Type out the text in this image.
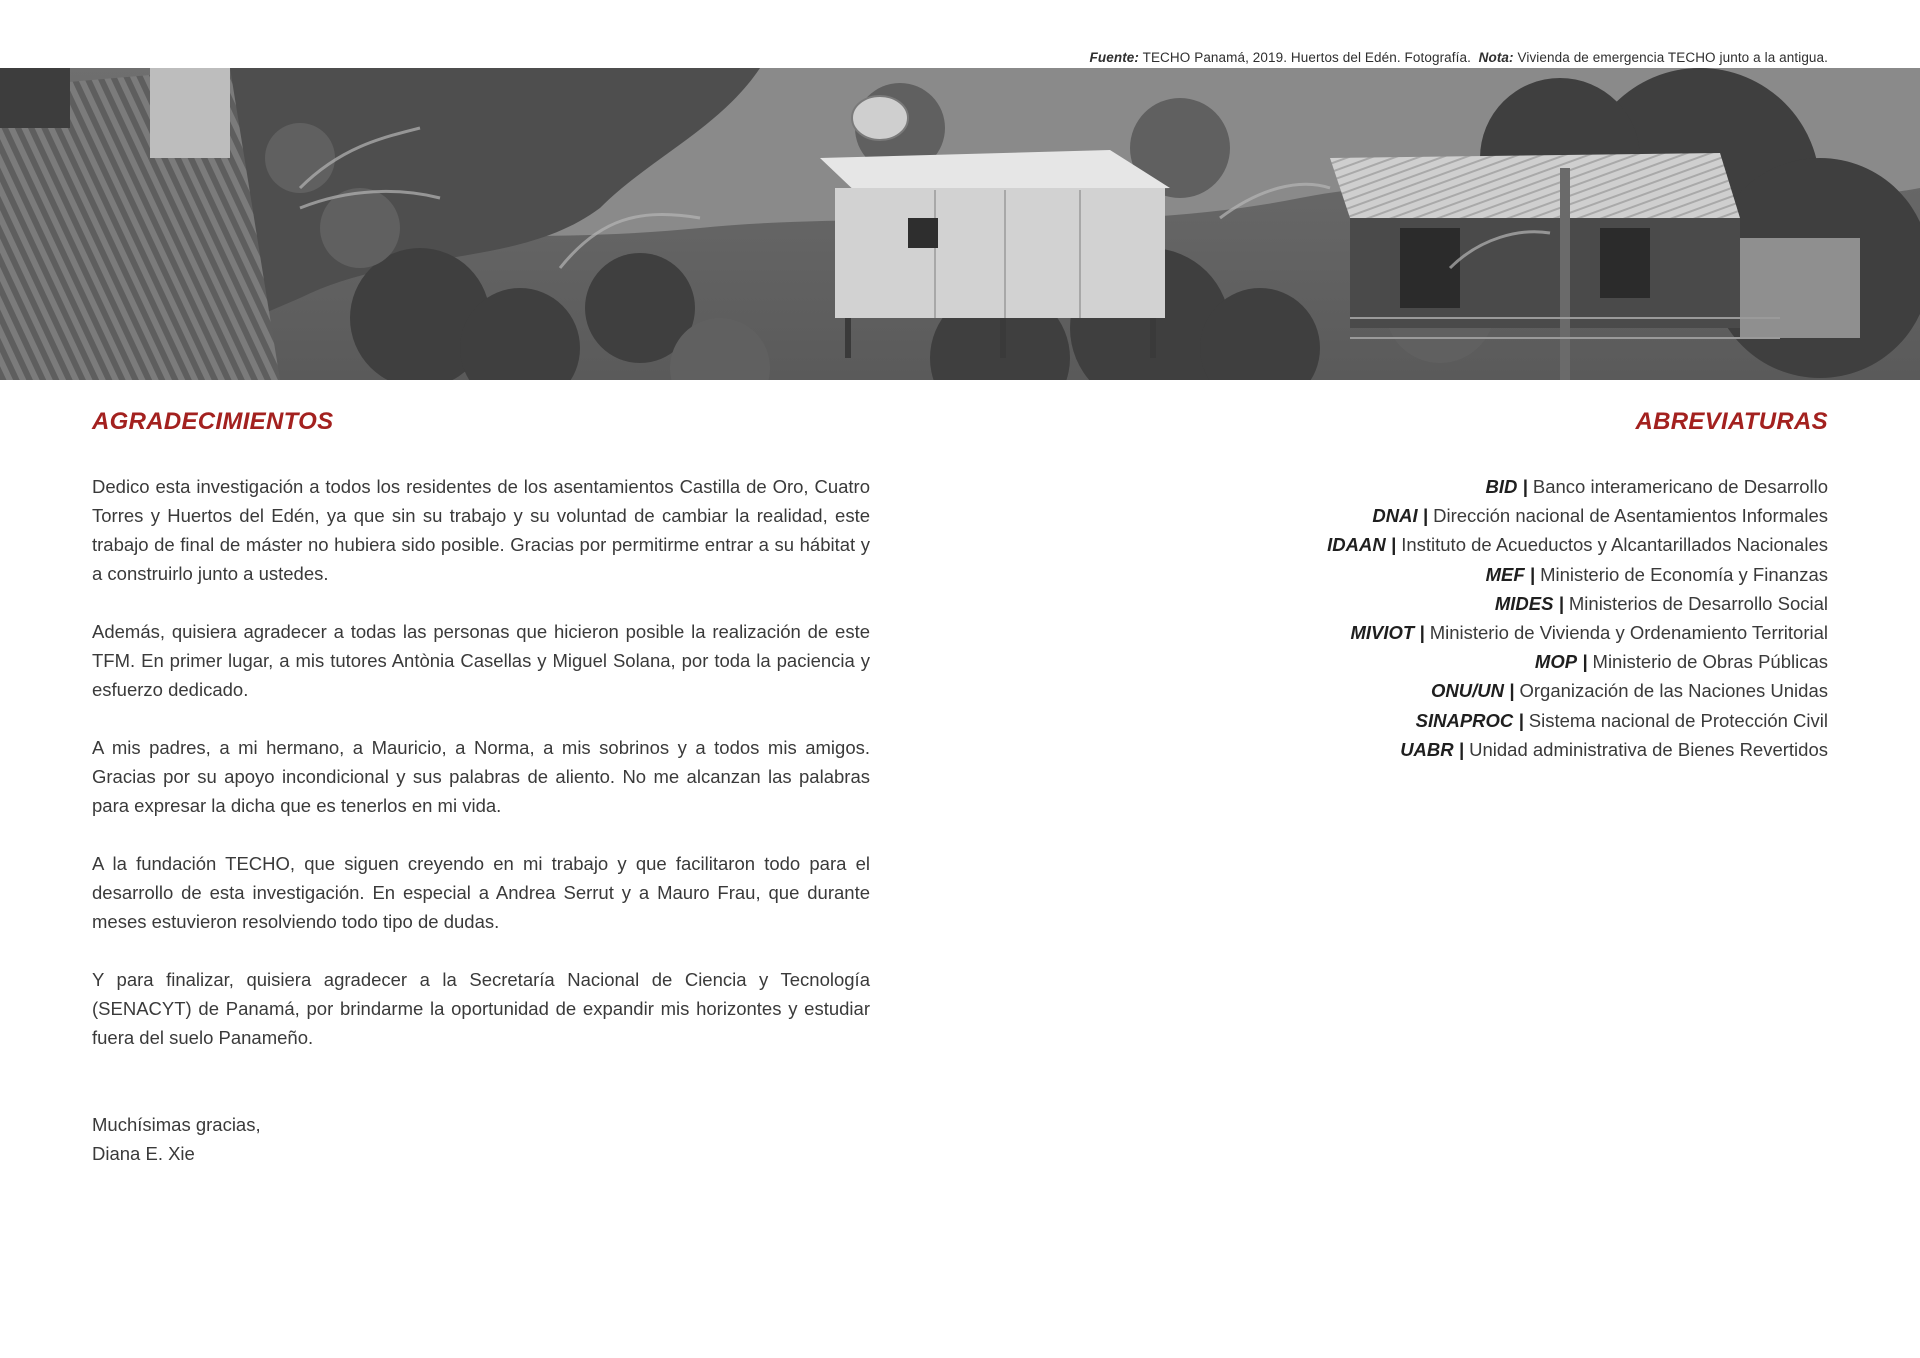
Fuente: TECHO Panamá, 2019. Huertos del Edén. Fotografía. Nota: Vivienda de emergencia TECHO junto a la antigua.
AGRADECIMIENTOS

Dedico esta investigación a todos los residentes de los asentamientos Castilla de Oro, Cuatro Torres y Huertos del Edén, ya que sin su trabajo y su voluntad de cambiar la realidad, este trabajo de final de máster no hubiera sido posible. Gracias por permitirme entrar a su hábitat y a construirlo junto a ustedes.

Además, quisiera agradecer a todas las personas que hicieron posible la realización de este TFM. En primer lugar, a mis tutores Antònia Casellas y Miguel Solana, por toda la paciencia y esfuerzo dedicado.

A mis padres, a mi hermano, a Mauricio, a Norma, a mis sobrinos y a todos mis amigos. Gracias por su apoyo incondicional y sus palabras de aliento. No me alcanzan las palabras para expresar la dicha que es tenerlos en mi vida.

A la fundación TECHO, que siguen creyendo en mi trabajo y que facilitaron todo para el desarrollo de esta investigación. En especial a Andrea Serrut y a Mauro Frau, que durante meses estuvieron resolviendo todo tipo de dudas.

Y para finalizar, quisiera agradecer a la Secretaría Nacional de Ciencia y Tecnología (SENACYT) de Panamá, por brindarme la oportunidad de expandir mis horizontes y estudiar fuera del suelo Panameño.

Muchísimas gracias,
Diana E. Xie
ABREVIATURAS
BID | Banco interamericano de Desarrollo
DNAI | Dirección nacional de Asentamientos Informales
IDAAN | Instituto de Acueductos y Alcantarillados Nacionales
MEF | Ministerio de Economía y Finanzas
MIDES | Ministerios de Desarrollo Social
MIVIOT | Ministerio de Vivienda y Ordenamiento Territorial
MOP | Ministerio de Obras Públicas
ONU/UN | Organización de las Naciones Unidas
SINAPROC | Sistema nacional de Protección Civil
UABR | Unidad administrativa de Bienes Revertidos
